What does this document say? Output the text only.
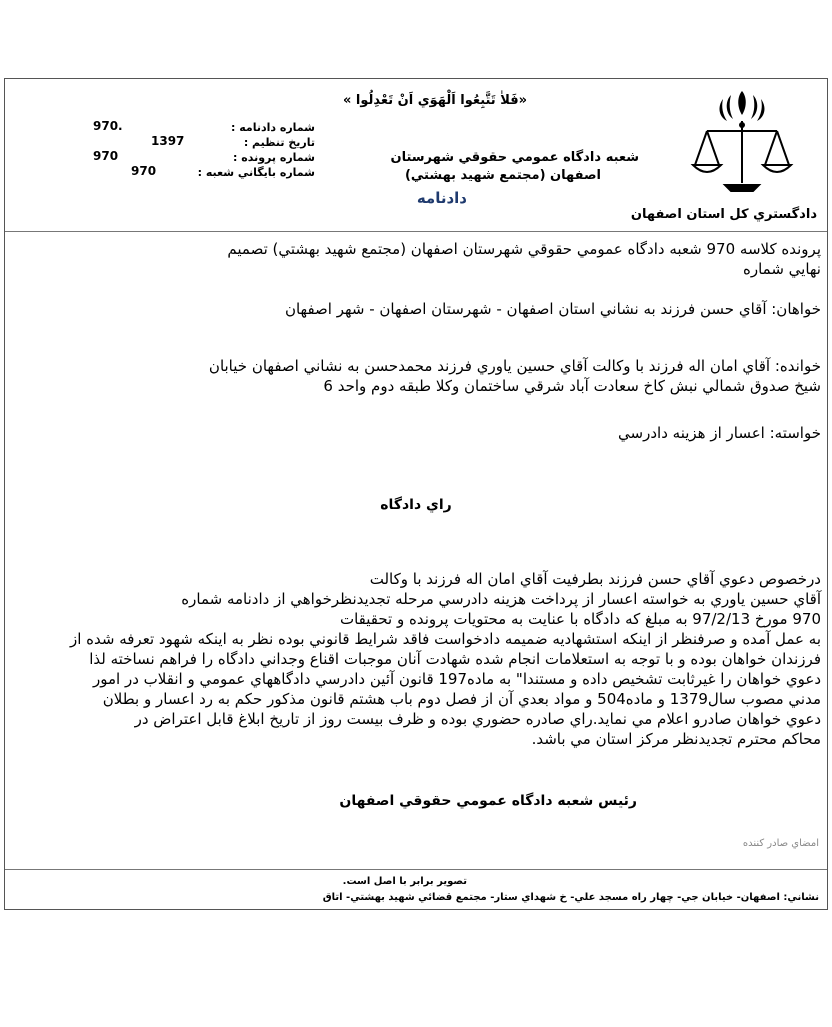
«فَلاٰ تَتَّبِعُوا اَلْهَوَي اَنْ تَعْدِلُوا »
شماره دادنامه :
970.
تاريخ تنظيم :
1397
شماره پرونده :
970
شماره بايگاني شعبه :
970
شعبه
دادگاه عمومي حقوقي شهرستان اصفهان (مجتمع شهيد بهشتي)
دادنامه
دادگستري كل استان اصفهان
پرونده كلاسه 970 شعبه دادگاه عمومي حقوقي شهرستان اصفهان (مجتمع شهيد بهشتي) تصميم
نهايي شماره
خواهان: آقاي حسن فرزند به نشاني استان اصفهان - شهرستان اصفهان - شهر اصفهان
خوانده: آقاي امان اله فرزند با وكالت آقاي حسين ياوري فرزند محمدحسن به نشاني اصفهان خيابان
شيخ صدوق شمالي نبش كاخ سعادت آباد شرقي ساختمان وكلا طبقه دوم واحد 6
خواسته: اعسار از هزينه دادرسي
راي دادگاه
درخصوص دعوي آقاي حسن فرزند بطرفيت آقاي امان اله فرزند با وكالت
آقاي حسين ياوري به خواسته اعسار از پرداخت هزينه دادرسي مرحله تجديدنظرخواهي از دادنامه شماره
970 مورخ 97/2/13 به مبلغ كه دادگاه با عنايت به محتويات پرونده و تحقيقات
به عمل آمده و صرفنظر از اينكه استشهاديه ضميمه دادخواست فاقد شرايط قانوني بوده نظر به اينكه شهود تعرفه شده از
فرزندان خواهان بوده و با توجه به استعلامات انجام شده شهادت آنان موجبات اقناع وجداني دادگاه را فراهم نساخته لذا
دعوي خواهان را غيرثابت تشخيص داده و مستندا" به ماده197 قانون آئين دادرسي دادگاههاي عمومي و انقلاب در امور
مدني مصوب سال1379 و ماده504 و مواد بعدي آن از فصل دوم باب هشتم قانون مذكور حكم به رد اعسار و بطلان
دعوي خواهان صادرو اعلام مي نمايد.راي صادره حضوري بوده و ظرف بيست روز از تاريخ ابلاغ قابل اعتراض در
محاكم محترم تجديدنظر مركز استان مي باشد.
رئيس شعبه دادگاه عمومي حقوقي اصفهان
امضاي صادر كننده
تصوير برابر با اصل است.
نشاني: اصفهان- خيابان جي- چهار راه مسجد علي- خ شهداي ستار- مجتمع قضائي شهيد بهشتي- اتاق
